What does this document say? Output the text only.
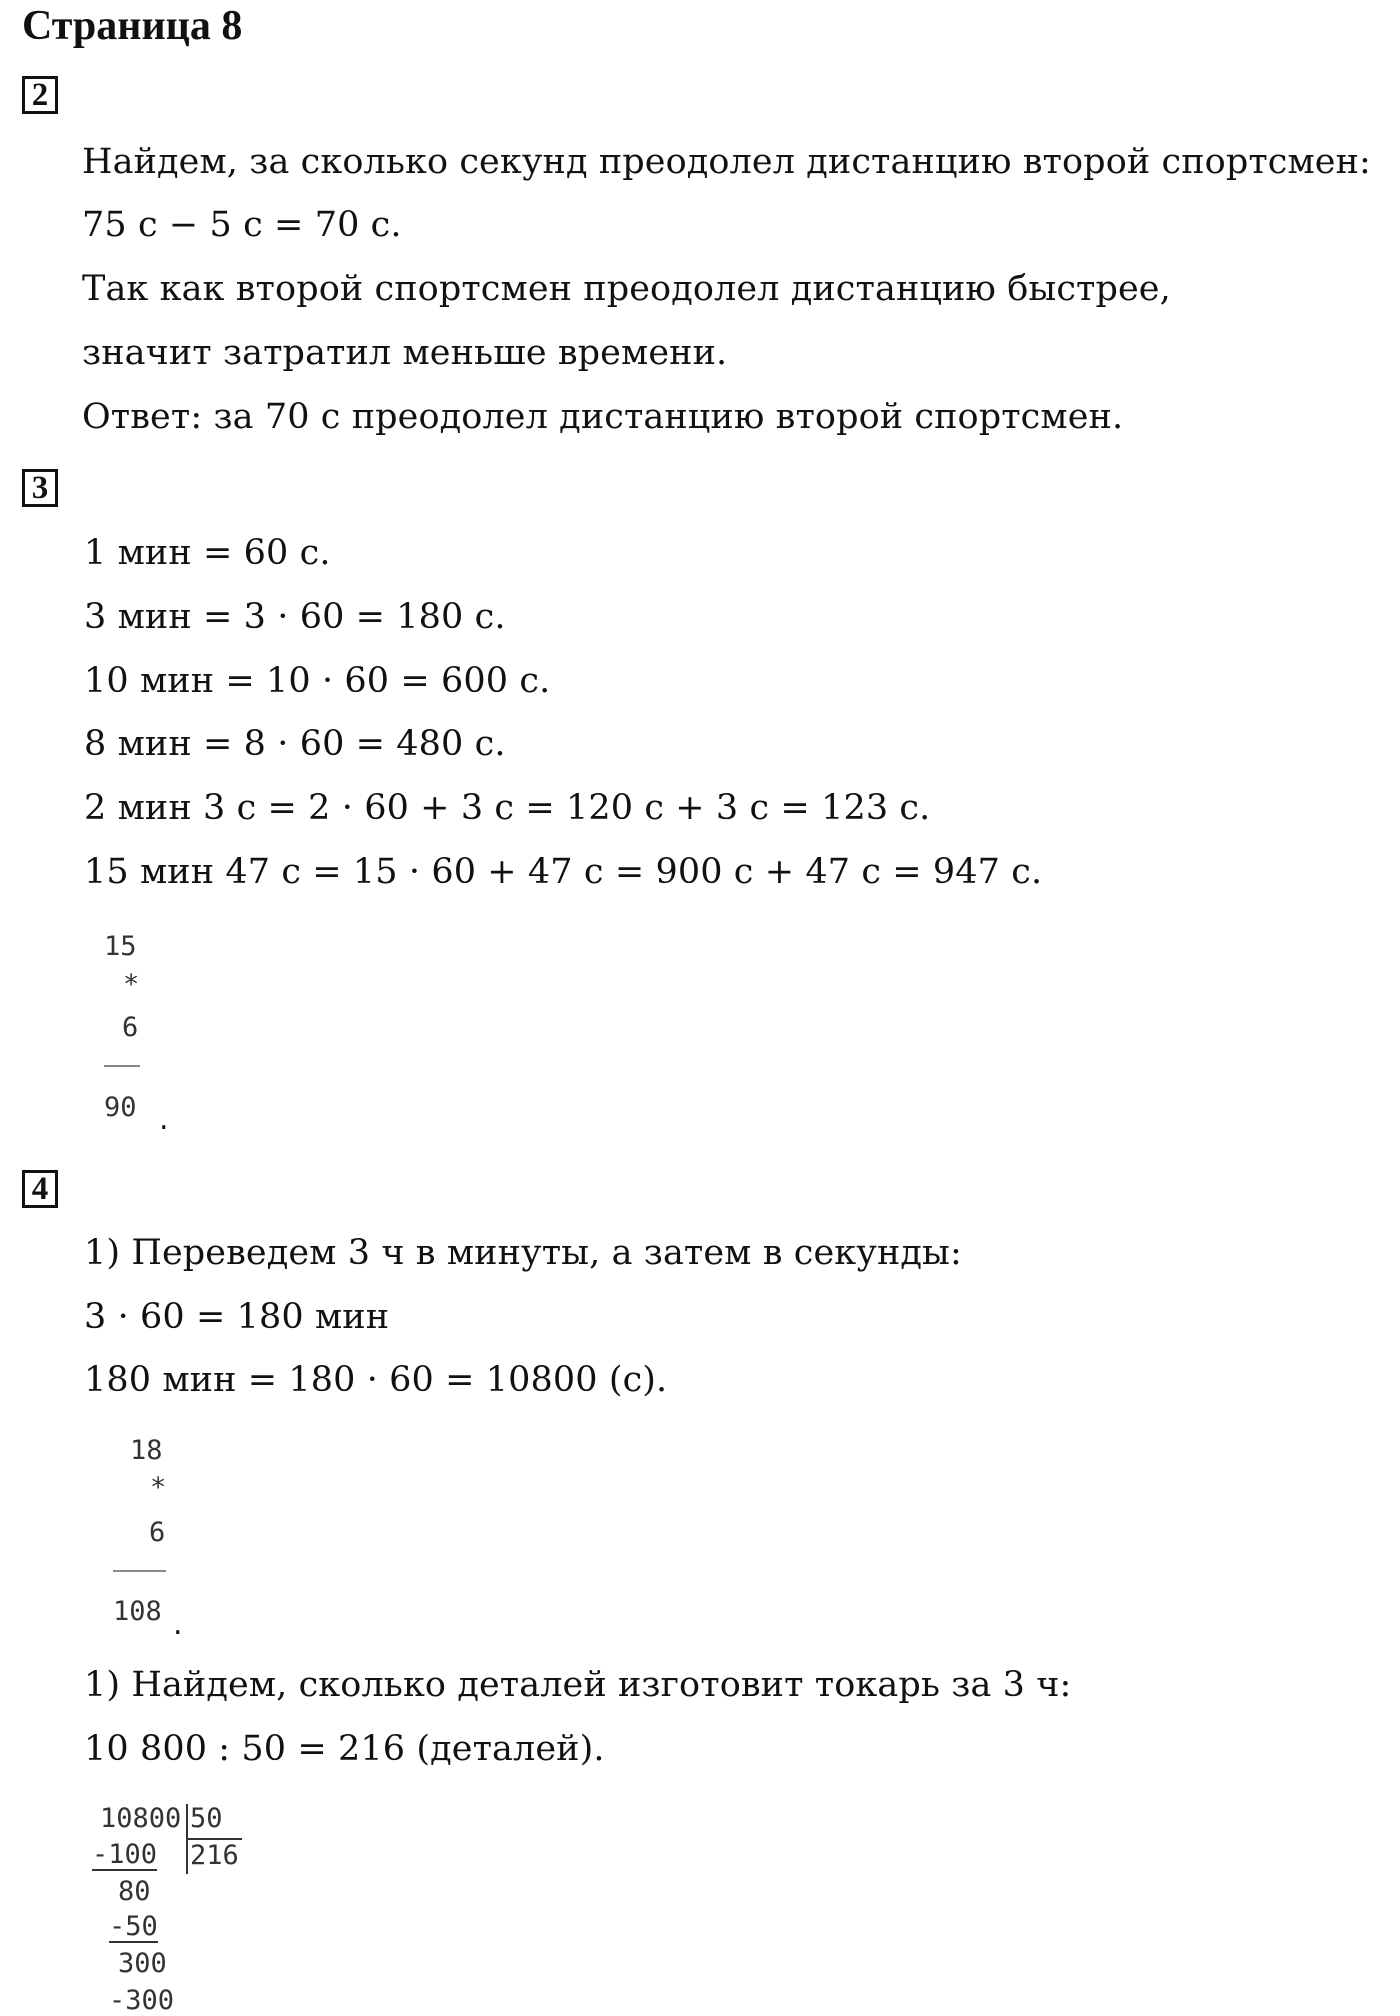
Страница 8
2
Найдем, за сколько секунд преодолел дистанцию второй спортсмен:
75 с − 5 с = 70 с.
Так как второй спортсмен преодолел дистанцию быстрее,
значит затратил меньше времени.
Ответ: за 70 с преодолел дистанцию второй спортсмен.
3
1 мин = 60 с.
3 мин = 3 · 60 = 180 с.
10 мин = 10 · 60 = 600 с.
8 мин = 8 · 60 = 480 с.
2 мин 3 с = 2 · 60 + 3 с = 120 с + 3 с = 123 с.
15 мин 47 с = 15 · 60 + 47 с = 900 с + 47 с = 947 с.
15
*
6
90 .
4
1) Переведем 3 ч в минуты, а затем в секунды:
3 · 60 = 180 мин
180 мин = 180 · 60 = 10800 (с).
18
*
6
108 .
1) Найдем, сколько деталей изготовит токарь за 3 ч:
10 800 : 50 = 216 (деталей).
10800 50
216
-100
80
-50
300
-300
